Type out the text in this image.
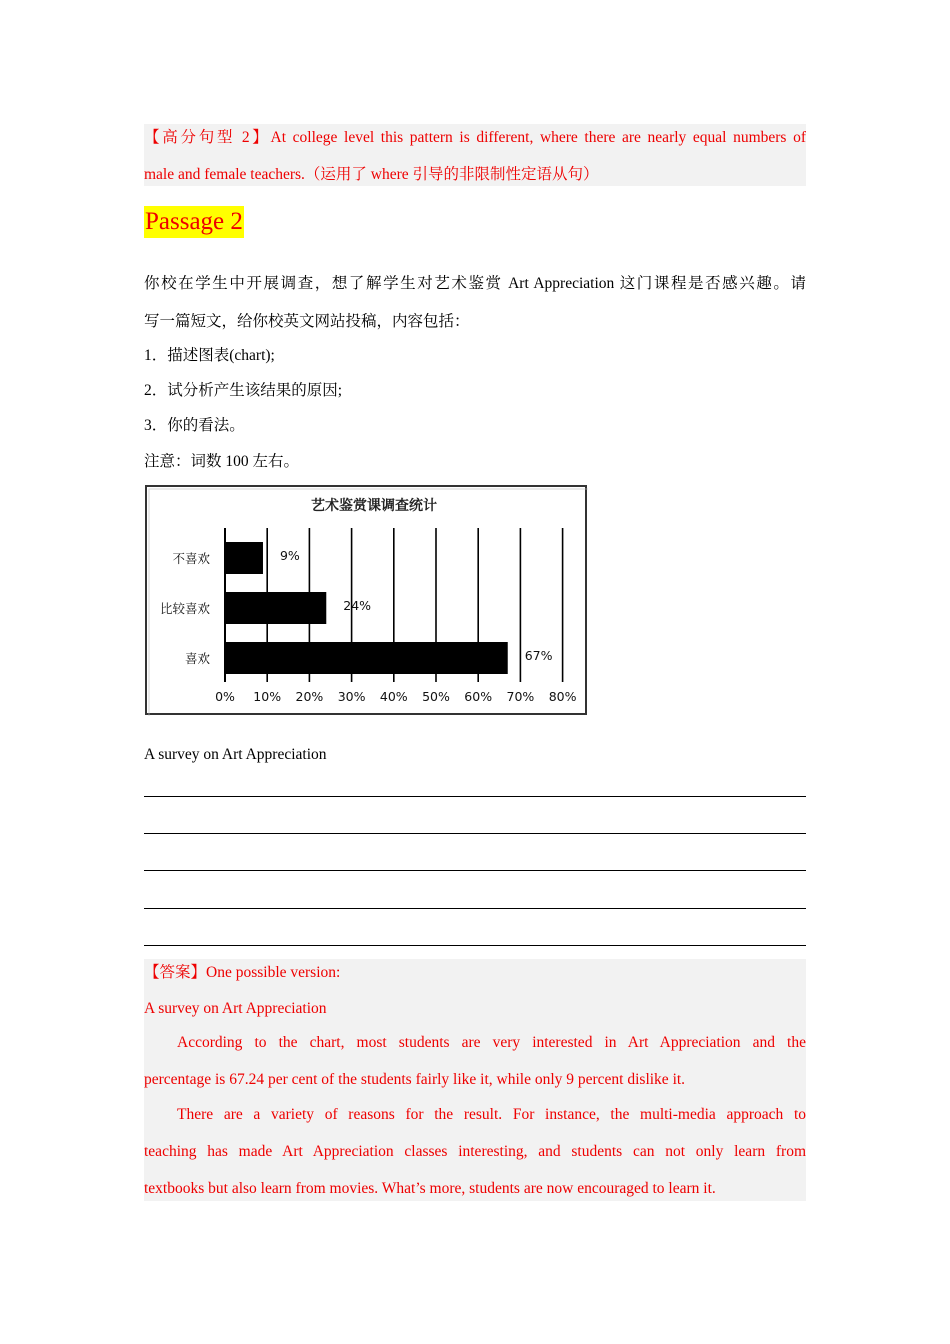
【高分句型 2】At college level this pattern is different, where there are nearly equal numbers of
male and female teachers.（运用了 where 引导的非限制性定语从句）
Passage 2
你校在学生中开展调查，想了解学生对艺术鉴赏 Art Appreciation 这门课程是否感兴趣。请
写一篇短文，给你校英文网站投稿，内容包括：
1．描述图表(chart);
2．试分析产生该结果的原因;
3．你的看法。
注意：词数 100 左右。
艺术鉴赏课调查统计
不喜欢
比较喜欢
喜欢
9%
24%
67%
0% 10% 20% 30% 40% 50% 60% 70% 80%
A survey on Art Appreciation
【答案】One possible version:
A survey on Art Appreciation
According to the chart, most students are very interested in Art Appreciation and the
percentage is 67.24 per cent of the students fairly like it, while only 9 percent dislike it.
There are a variety of reasons for the result. For instance, the multi-media approach to
teaching has made Art Appreciation classes interesting, and students can not only learn from
textbooks but also learn from movies. What’s more, students are now encouraged to learn it.
